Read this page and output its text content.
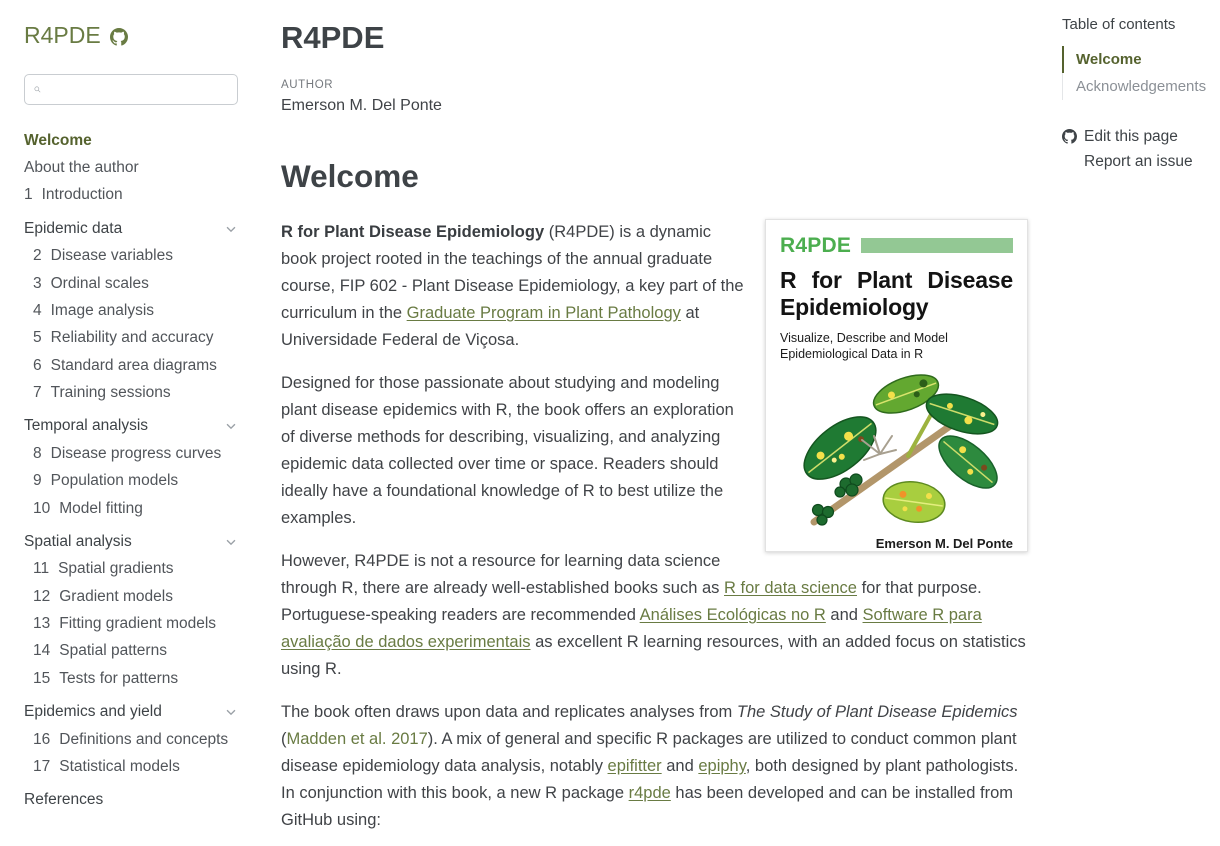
R4PDE
Welcome
About the author
1 Introduction
Epidemic data
2 Disease variables
3 Ordinal scales
4 Image analysis
5 Reliability and accuracy
6 Standard area diagrams
7 Training sessions
Temporal analysis
8 Disease progress curves
9 Population models
10 Model fitting
Spatial analysis
11 Spatial gradients
12 Gradient models
13 Fitting gradient models
14 Spatial patterns
15 Tests for patterns
Epidemics and yield
16 Definitions and concepts
17 Statistical models
References
R4PDE
AUTHOR
Emerson M. Del Ponte
Welcome
R4PDE
R for Plant Disease
Epidemiology
Visualize, Describe and Model
Epidemiological Data in R
Emerson M. Del Ponte

R for Plant Disease Epidemiology (R4PDE) is a dynamic book project rooted in the teachings of the annual graduate course, FIP 602 - Plant Disease Epidemiology, a key part of the curriculum in the Graduate Program in Plant Pathology at Universidade Federal de Viçosa.

Designed for those passionate about studying and modeling plant disease epidemics with R, the book offers an exploration of diverse methods for describing, visualizing, and analyzing epidemic data collected over time or space. Readers should ideally have a foundational knowledge of R to best utilize the examples.

However, R4PDE is not a resource for learning data science through R, there are already well-established books such as R for data science for that purpose. Portuguese-speaking readers are recommended Análises Ecológicas no R and Software R para avaliação de dados experimentais as excellent R learning resources, with an added focus on statistics using R.

The book often draws upon data and replicates analyses from The Study of Plant Disease Epidemics (Madden et al. 2017). A mix of general and specific R packages are utilized to conduct common plant disease epidemiology data analysis, notably epifitter and epiphy, both designed by plant pathologists. In conjunction with this book, a new R package r4pde has been developed and can be installed from GitHub using:

Table of contents
Welcome
Acknowledgements
Edit this page
Report an issue
